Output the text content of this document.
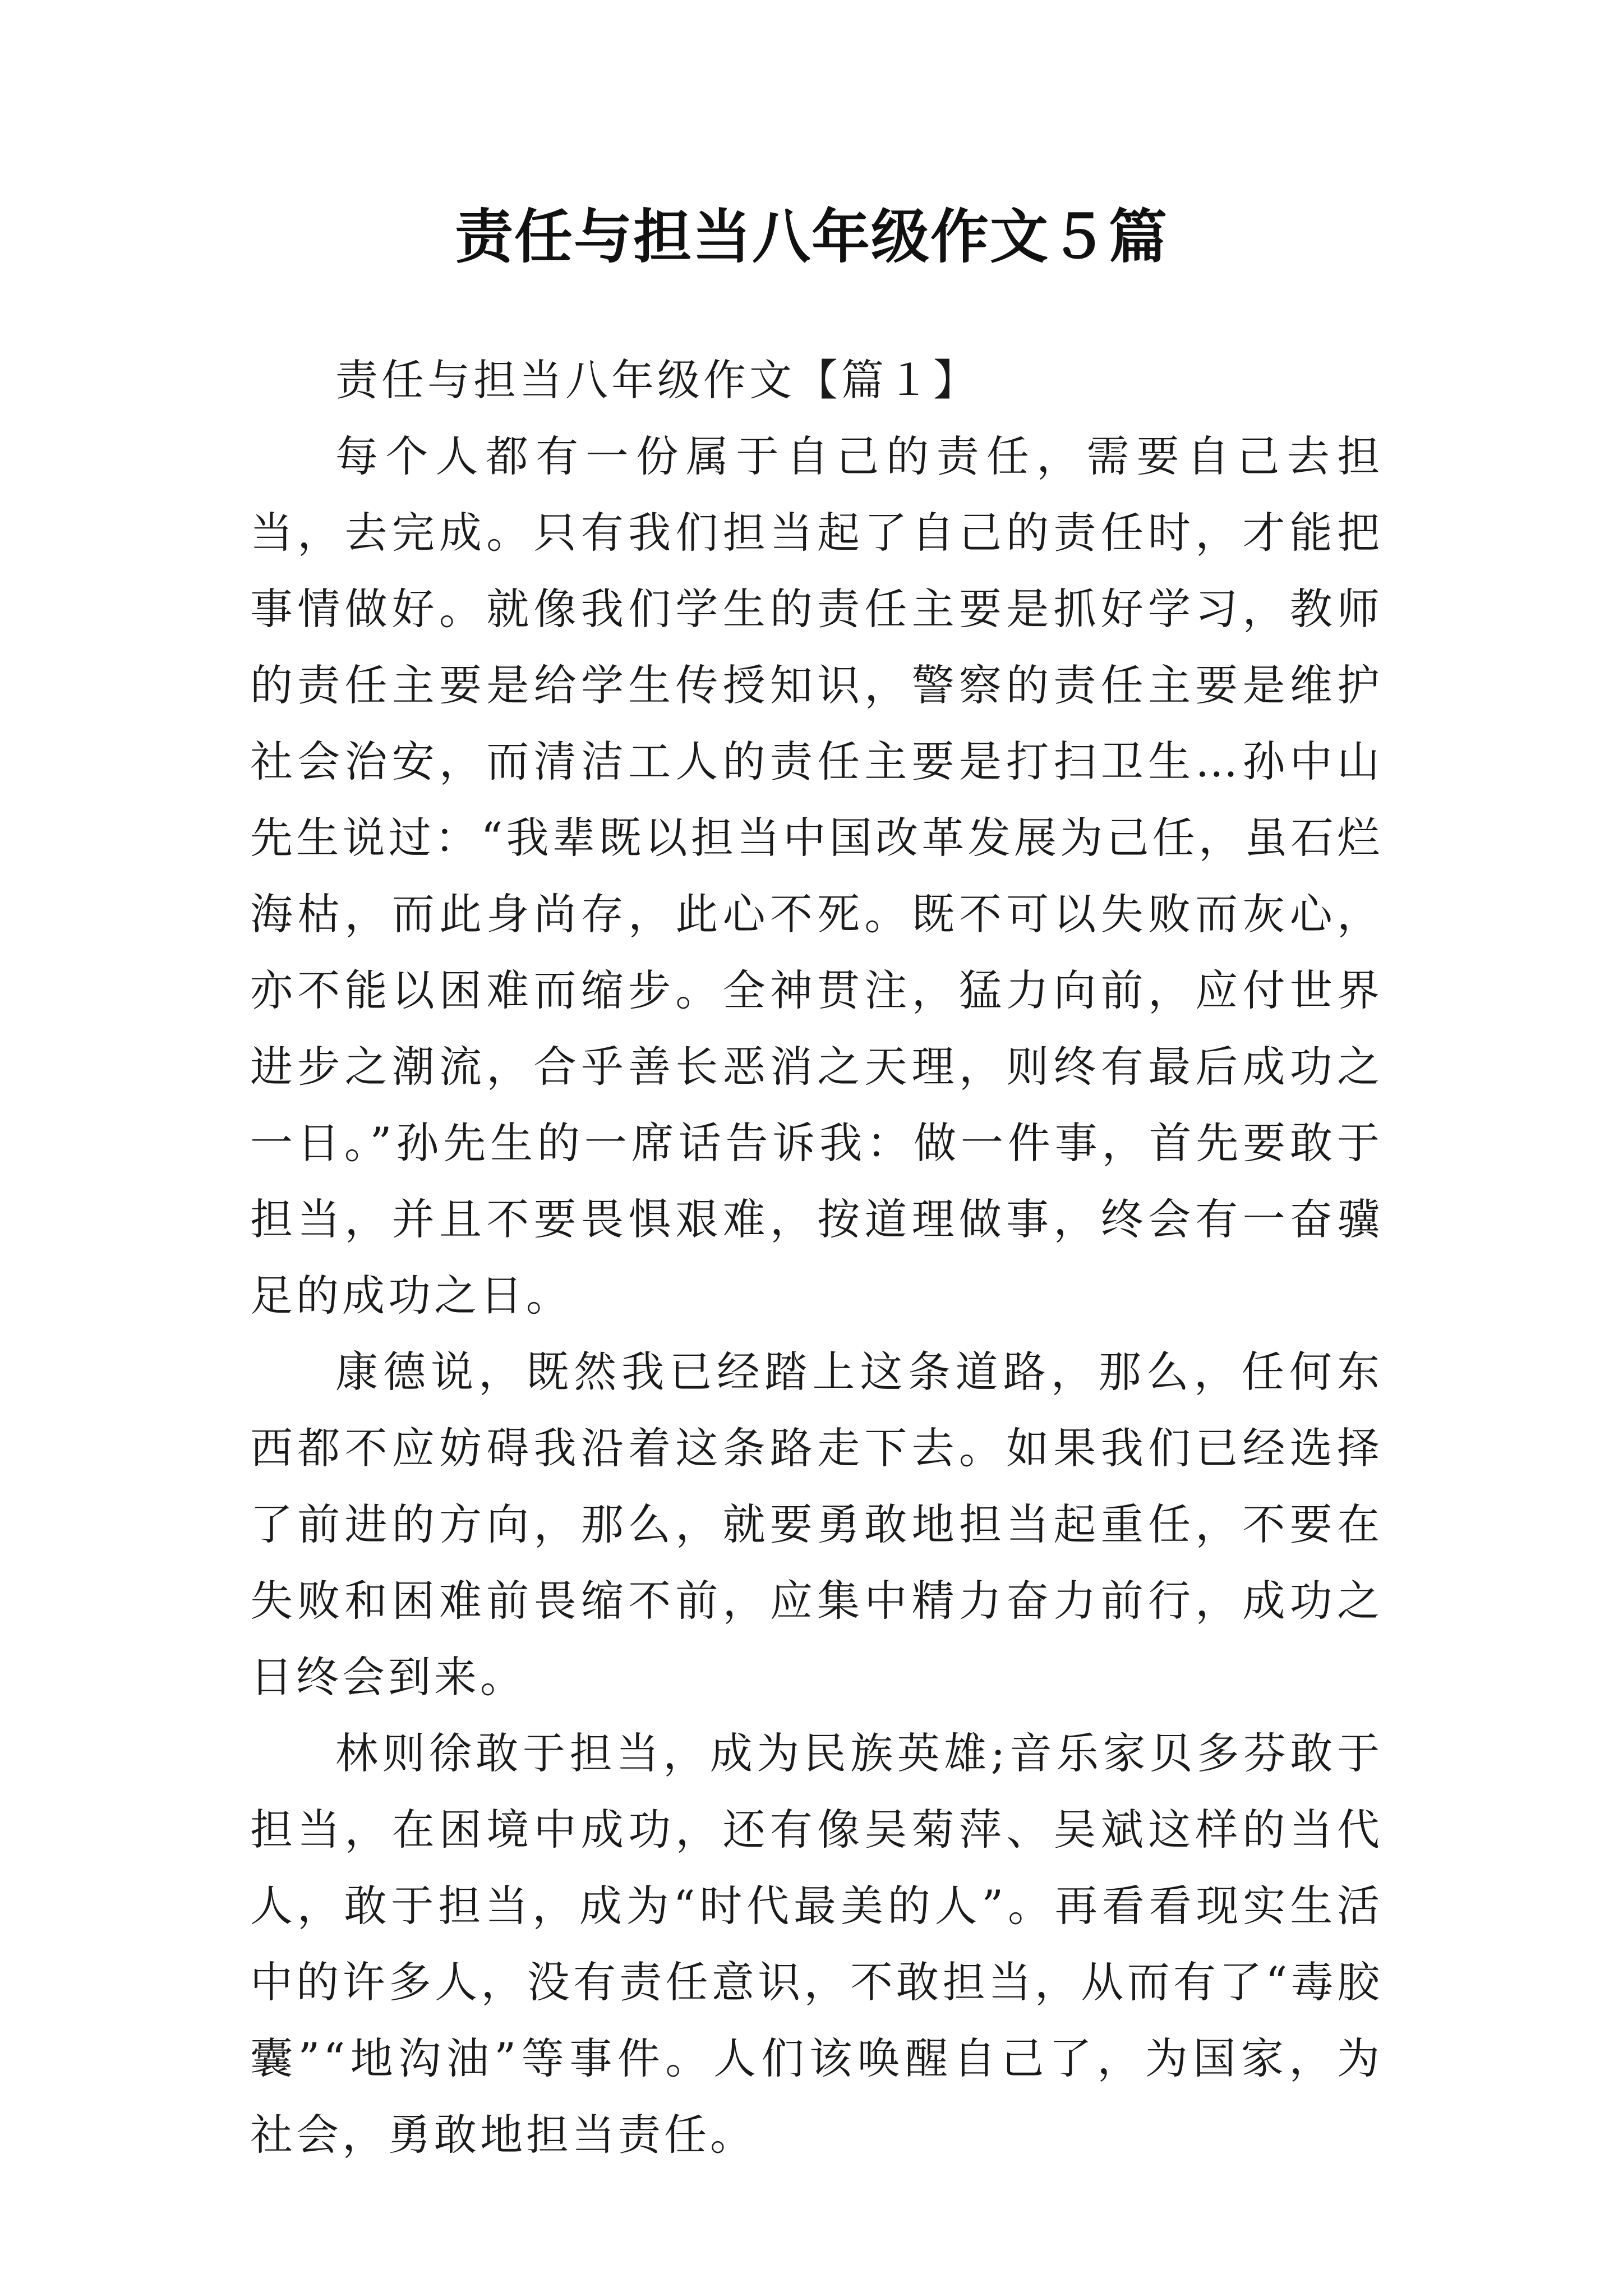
责任与担当八年级作文５篇

责任与担当八年级作文【篇１】

每个人都有一份属于自己的责任，需要自己去担当，去完成。只有我们担当起了自己的责任时，才能把事情做好。就像我们学生的责任主要是抓好学习，教师的责任主要是给学生传授知识，警察的责任主要是维护社会治安，而清洁工人的责任主要是打扫卫生…孙中山先生说过：“我辈既以担当中国改革发展为己任，虽石烂海枯，而此身尚存，此心不死。既不可以失败而灰心，亦不能以困难而缩步。全神贯注，猛力向前，应付世界进步之潮流，合乎善长恶消之天理，则终有最后成功之一日。”孙先生的一席话告诉我：做一件事，首先要敢于担当，并且不要畏惧艰难，按道理做事，终会有一奋骥足的成功之日。

康德说，既然我已经踏上这条道路，那么，任何东西都不应妨碍我沿着这条路走下去。如果我们已经选择了前进的方向，那么，就要勇敢地担当起重任，不要在失败和困难前畏缩不前，应集中精力奋力前行，成功之日终会到来。

林则徐敢于担当，成为民族英雄;音乐家贝多芬敢于担当，在困境中成功，还有像吴菊萍、吴斌这样的当代人，敢于担当，成为“时代最美的人”。再看看现实生活中的许多人，没有责任意识，不敢担当，从而有了“毒胶囊”“地沟油”等事件。人们该唤醒自己了，为国家，为社会，勇敢地担当责任。
